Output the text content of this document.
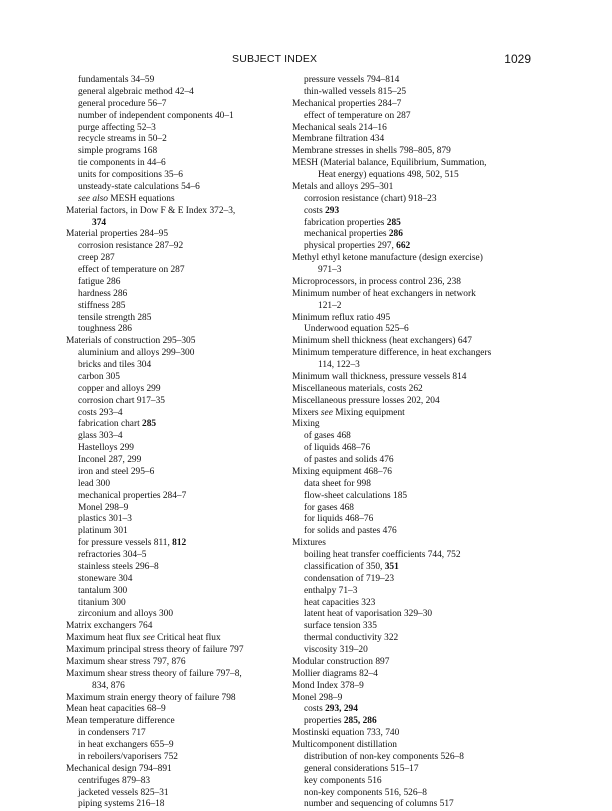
SUBJECT INDEX	1029
fundamentals 34–59
general algebraic method 42–4
general procedure 56–7
number of independent components 40–1
purge affecting 52–3
recycle streams in 50–2
simple programs 168
tie components in 44–6
units for compositions 35–6
unsteady-state calculations 54–6
see also MESH equations
Material factors, in Dow F & E Index 372–3,
374
Material properties 284–95
corrosion resistance 287–92
creep 287
effect of temperature on 287
fatigue 286
hardness 286
stiffness 285
tensile strength 285
toughness 286
Materials of construction 295–305
aluminium and alloys 299–300
bricks and tiles 304
carbon 305
copper and alloys 299
corrosion chart 917–35
costs 293–4
fabrication chart 285
glass 303–4
Hastelloys 299
Inconel 287, 299
iron and steel 295–6
lead 300
mechanical properties 284–7
Monel 298–9
plastics 301–3
platinum 301
for pressure vessels 811, 812
refractories 304–5
stainless steels 296–8
stoneware 304
tantalum 300
titanium 300
zirconium and alloys 300
Matrix exchangers 764
Maximum heat flux see Critical heat flux
Maximum principal stress theory of failure 797
Maximum shear stress 797, 876
Maximum shear stress theory of failure 797–8,
834, 876
Maximum strain energy theory of failure 798
Mean heat capacities 68–9
Mean temperature difference
in condensers 717
in heat exchangers 655–9
in reboilers/vaporisers 752
Mechanical design 794–891
centrifuges 879–83
jacketed vessels 825–31
piping systems 216–18
pressure vessels 794–814
thin-walled vessels 815–25
Mechanical properties 284–7
effect of temperature on 287
Mechanical seals 214–16
Membrane filtration 434
Membrane stresses in shells 798–805, 879
MESH (Material balance, Equilibrium, Summation,
Heat energy) equations 498, 502, 515
Metals and alloys 295–301
corrosion resistance (chart) 918–23
costs 293
fabrication properties 285
mechanical properties 286
physical properties 297, 662
Methyl ethyl ketone manufacture (design exercise)
971–3
Microprocessors, in process control 236, 238
Minimum number of heat exchangers in network
121–2
Minimum reflux ratio 495
Underwood equation 525–6
Minimum shell thickness (heat exchangers) 647
Minimum temperature difference, in heat exchangers
114, 122–3
Minimum wall thickness, pressure vessels 814
Miscellaneous materials, costs 262
Miscellaneous pressure losses 202, 204
Mixers see Mixing equipment
Mixing
of gases 468
of liquids 468–76
of pastes and solids 476
Mixing equipment 468–76
data sheet for 998
flow-sheet calculations 185
for gases 468
for liquids 468–76
for solids and pastes 476
Mixtures
boiling heat transfer coefficients 744, 752
classification of 350, 351
condensation of 719–23
enthalpy 71–3
heat capacities 323
latent heat of vaporisation 329–30
surface tension 335
thermal conductivity 322
viscosity 319–20
Modular construction 897
Mollier diagrams 82–4
Mond Index 378–9
Monel 298–9
costs 293, 294
properties 285, 286
Mostinski equation 733, 740
Multicomponent distillation
distribution of non-key components 526–8
general considerations 515–17
key components 516
non-key components 516, 526–8
number and sequencing of columns 517
